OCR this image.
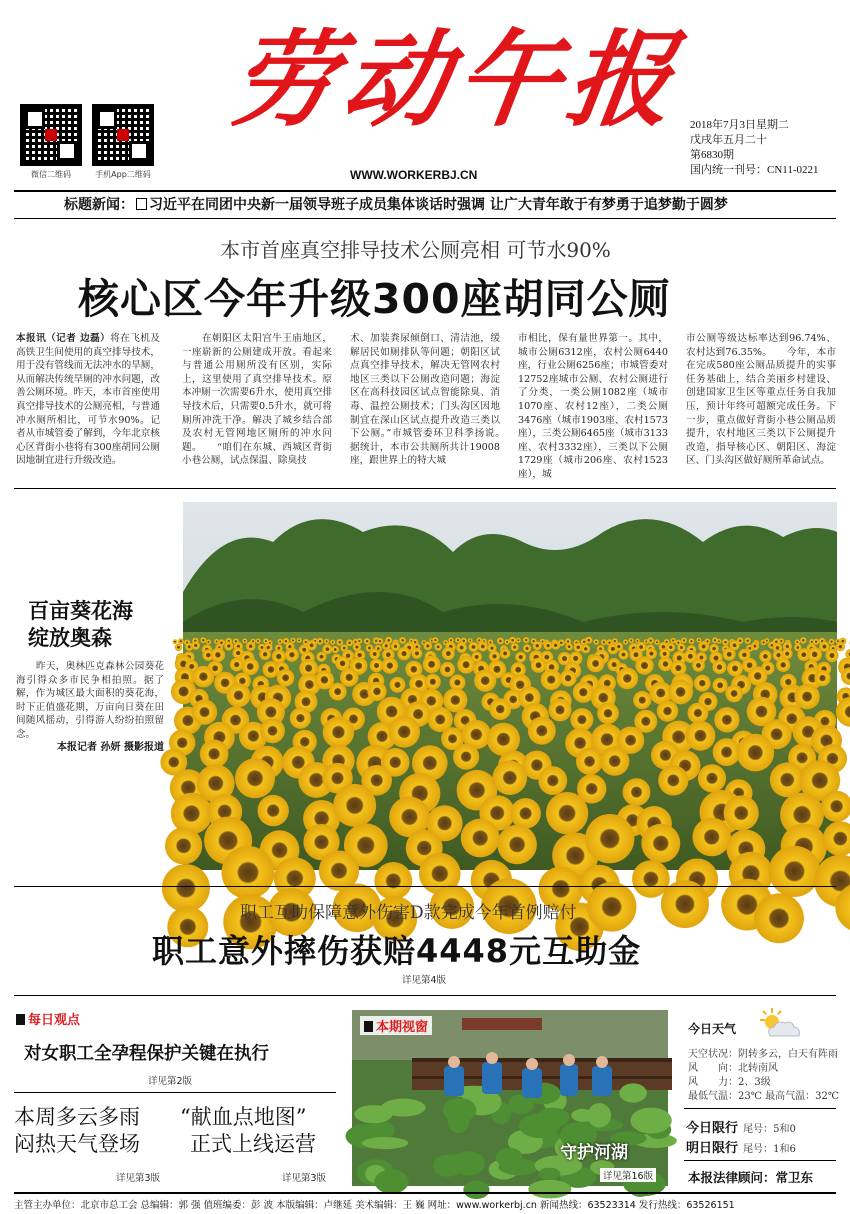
微信二维码	手机App二维码
劳动午报
WWW.WORKERBJ.CN
2018年7月3日星期二
戊戌年五月二十
第6830期
国内统一刊号：CN11-0221
标题新闻： 习近平在同团中央新一届领导班子成员集体谈话时强调 让广大青年敢于有梦勇于追梦勤于圆梦
本市首座真空排导技术公厕亮相 可节水90%
核心区今年升级300座胡同公厕
本报讯（记者 边磊）将在飞机及高铁卫生间使用的真空排导技术，用于没有管线而无法冲水的旱厕，从而解决传统旱厕的冲水问题，改善公厕环境。昨天，本市首座使用真空排导技术的公厕亮相，与普通冲水厕所相比，可节水90%。记者从市城管委了解到，今年北京核心区背街小巷将有300座胡同公厕因地制宜进行升级改造。
在朝阳区太阳宫牛王庙地区，一座崭新的公厕建成开放。看起来与普通公用厕所没有区别，实际上，这里使用了真空排导技术。原本冲厕一次需要6升水，使用真空排导技术后，只需要0.5升水，就可将厕所冲洗干净。解决了城乡结合部及农村无管网地区厕所的冲水问题。　　“咱们在东城、西城区背街小巷公厕，试点保温、除臭技
术、加装粪尿倾倒口、清洁池，缓解居民如厕排队等问题；朝阳区试点真空排导技术，解决无管网农村地区三类以下公厕改造问题；海淀区在高科技园区试点智能除臭、消毒、温控公厕技术；门头沟区因地制宜在深山区试点提升改造三类以下公厕。”市城管委环卫科季扬说。　　据统计，本市公共厕所共计19008座，跟世界上的特大城
市相比，保有量世界第一。其中，城市公厕6312座，农村公厕6440座，行业公厕6256座；市城管委对12752座城市公厕、农村公厕进行了分类，一类公厕1082座（城市1070座、农村12座），二类公厕3476座（城市1903座、农村1573座），三类公厕6465座（城市3133座、农村3332座），三类以下公厕1729座（城市206座、农村1523座），城
市公厕等级达标率达到96.74%、农村达到76.35%。　　今年，本市在完成580座公厕品质提升的实事任务基础上，结合美丽乡村建设、创建国家卫生区等重点任务自我加压，预计年终可超额完成任务。下一步，重点做好背街小巷公厕品质提升，农村地区三类以下公厕提升改造，指导核心区、朝阳区、海淀区、门头沟区做好厕所革命试点。
百亩葵花海
绽放奥森
昨天，奥林匹克森林公园葵花海引得众多市民争相拍照。据了解，作为城区最大面积的葵花海，时下正值盛花期，万亩向日葵在田间随风摇动，引得游人纷纷拍照留念。
本报记者 孙妍 摄影报道
职工互助保障意外伤害D款完成今年首例赔付
职工意外摔伤获赔4448元互助金
详见第4版
每日观点
对女职工全孕程保护关键在执行
详见第2版
本周多云多雨
闷热天气登场
详见第3版
“献血点地图”
正式上线运营
详见第3版
本期视窗
守护河湖
详见第16版
今日天气
天空状况：阴转多云，白天有阵雨
风　　向：北转南风
风　　力：2、3级
最低气温：23℃ 最高气温：32℃
今日限行 尾号：5和0
明日限行 尾号：1和6
本报法律顾问：常卫东
主管主办单位：北京市总工会 总编辑：郭 强 值班编委：彭 波 本版编辑：卢继延 美术编辑：王 巍 网址：www.workerbj.cn 新闻热线：63523314 发行热线：63526151
